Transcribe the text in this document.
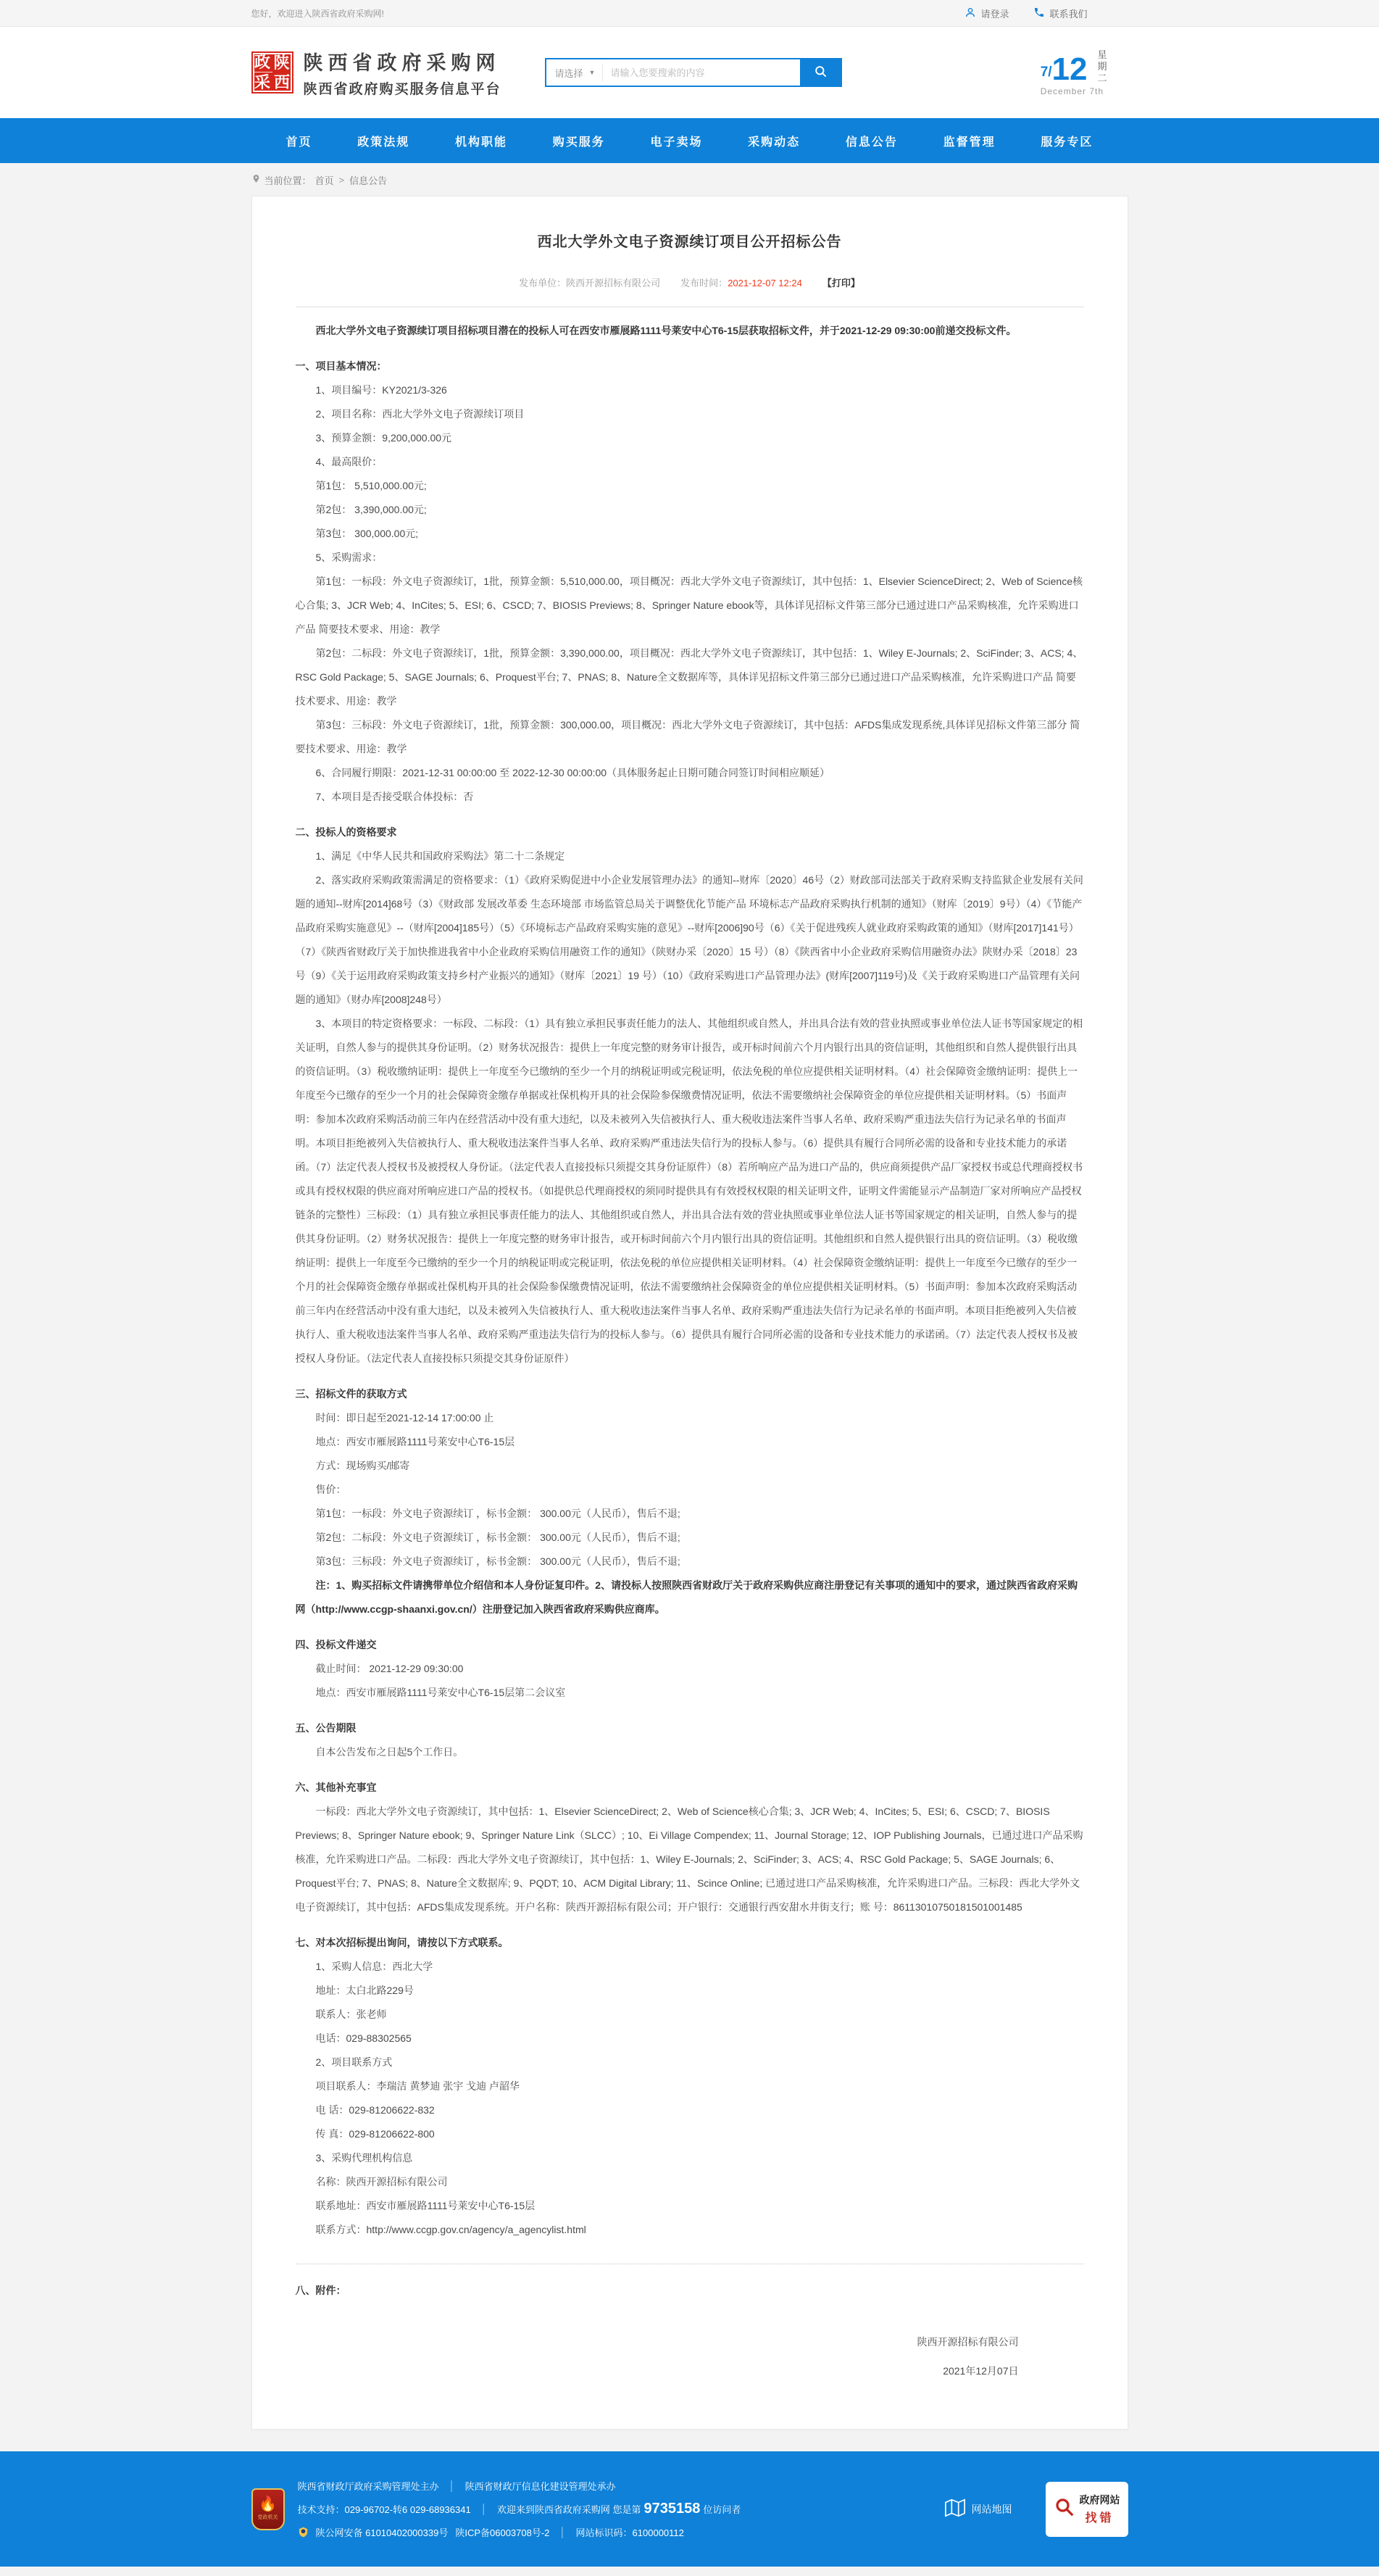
您好，欢迎进入陕西省政府采购网!	请登录	联系我们
政 陕
采 西
陕西省政府采购网
陕西省政府购买服务信息平台
请选择 ▼
请输入您要搜索的内容	7/ 12 星期二
December 7th
首页	政策法规	机构职能	购买服务	电子卖场	采购动态	信息公告	监督管理	服务专区
当前位置： 首页 > 信息公告
西北大学外文电子资源续订项目公开招标公告
发布单位：陕西开源招标有限公司 发布时间：2021-12-07 12:24 【打印】

西北大学外文电子资源续订项目招标项目潜在的投标人可在西安市雁展路1111号莱安中心T6-15层获取招标文件，并于2021-12-29 09:30:00前递交投标文件。

一、项目基本情况：

1、项目编号：KY2021/3-326

2、项目名称：西北大学外文电子资源续订项目

3、预算金额：9,200,000.00元

4、最高限价：

第1包： 5,510,000.00元;

第2包： 3,390,000.00元;

第3包： 300,000.00元;

5、采购需求：

第1包：一标段：外文电子资源续订，1批，预算金额：5,510,000.00，项目概况：西北大学外文电子资源续订，其中包括：1、Elsevier ScienceDirect; 2、Web of Science核心合集; 3、JCR Web; 4、InCites; 5、ESI; 6、CSCD; 7、BIOSIS Previews; 8、Springer Nature ebook等，具体详见招标文件第三部分已通过进口产品采购核准，允许采购进口产品 简要技术要求、用途：教学

第2包：二标段：外文电子资源续订，1批，预算金额：3,390,000.00，项目概况：西北大学外文电子资源续订，其中包括：1、Wiley E-Journals; 2、SciFinder; 3、ACS; 4、RSC Gold Package; 5、SAGE Journals; 6、Proquest平台; 7、PNAS; 8、Nature全文数据库等，具体详见招标文件第三部分已通过进口产品采购核准，允许采购进口产品 简要技术要求、用途：教学

第3包：三标段：外文电子资源续订，1批，预算金额：300,000.00，项目概况：西北大学外文电子资源续订，其中包括：AFDS集成发现系统,具体详见招标文件第三部分 简要技术要求、用途：教学

6、合同履行期限：2021-12-31 00:00:00 至 2022-12-30 00:00:00（具体服务起止日期可随合同签订时间相应顺延）

7、本项目是否接受联合体投标：否

二、投标人的资格要求

1、满足《中华人民共和国政府采购法》第二十二条规定

2、落实政府采购政策需满足的资格要求：（1）《政府采购促进中小企业发展管理办法》的通知--财库〔2020〕46号（2）财政部司法部关于政府采购支持监狱企业发展有关问题的通知--财库[2014]68号（3）《财政部 发展改革委 生态环境部 市场监管总局关于调整优化节能产品 环境标志产品政府采购执行机制的通知》（财库〔2019〕9号）（4）《节能产品政府采购实施意见》--（财库[2004]185号）（5）《环境标志产品政府采购实施的意见》--财库[2006]90号（6）《关于促进残疾人就业政府采购政策的通知》（财库[2017]141号）（7）《陕西省财政厅关于加快推进我省中小企业政府采购信用融资工作的通知》（陕财办采〔2020〕15 号）（8）《陕西省中小企业政府采购信用融资办法》陕财办采〔2018〕23号（9）《关于运用政府采购政策支持乡村产业振兴的通知》（财库〔2021〕19 号）（10）《政府采购进口产品管理办法》(财库[2007]119号)及《关于政府采购进口产品管理有关问题的通知》（财办库[2008]248号）

3、本项目的特定资格要求：一标段、二标段：（1）具有独立承担民事责任能力的法人、其他组织或自然人，并出具合法有效的营业执照或事业单位法人证书等国家规定的相关证明，自然人参与的提供其身份证明。（2）财务状况报告：提供上一年度完整的财务审计报告，或开标时间前六个月内银行出具的资信证明，其他组织和自然人提供银行出具的资信证明。（3）税收缴纳证明：提供上一年度至今已缴纳的至少一个月的纳税证明或完税证明，依法免税的单位应提供相关证明材料。（4）社会保障资金缴纳证明：提供上一年度至今已缴存的至少一个月的社会保障资金缴存单据或社保机构开具的社会保险参保缴费情况证明，依法不需要缴纳社会保障资金的单位应提供相关证明材料。（5）书面声明：参加本次政府采购活动前三年内在经营活动中没有重大违纪，以及未被列入失信被执行人、重大税收违法案件当事人名单、政府采购严重违法失信行为记录名单的书面声明。本项目拒绝被列入失信被执行人、重大税收违法案件当事人名单、政府采购严重违法失信行为的投标人参与。（6）提供具有履行合同所必需的设备和专业技术能力的承诺函。（7）法定代表人授权书及被授权人身份证。（法定代表人直接投标只须提交其身份证原件）（8）若所响应产品为进口产品的，供应商须提供产品厂家授权书或总代理商授权书或具有授权权限的供应商对所响应进口产品的授权书。（如提供总代理商授权的须同时提供具有有效授权权限的相关证明文件，证明文件需能显示产品制造厂家对所响应产品授权链条的完整性）三标段：（1）具有独立承担民事责任能力的法人、其他组织或自然人，并出具合法有效的营业执照或事业单位法人证书等国家规定的相关证明，自然人参与的提供其身份证明。（2）财务状况报告：提供上一年度完整的财务审计报告，或开标时间前六个月内银行出具的资信证明。其他组织和自然人提供银行出具的资信证明。（3）税收缴纳证明：提供上一年度至今已缴纳的至少一个月的纳税证明或完税证明，依法免税的单位应提供相关证明材料。（4）社会保障资金缴纳证明：提供上一年度至今已缴存的至少一个月的社会保障资金缴存单据或社保机构开具的社会保险参保缴费情况证明，依法不需要缴纳社会保障资金的单位应提供相关证明材料。（5）书面声明：参加本次政府采购活动前三年内在经营活动中没有重大违纪，以及未被列入失信被执行人、重大税收违法案件当事人名单、政府采购严重违法失信行为记录名单的书面声明。本项目拒绝被列入失信被执行人、重大税收违法案件当事人名单、政府采购严重违法失信行为的投标人参与。（6）提供具有履行合同所必需的设备和专业技术能力的承诺函。（7）法定代表人授权书及被授权人身份证。（法定代表人直接投标只须提交其身份证原件）

三、招标文件的获取方式

时间：即日起至2021-12-14 17:00:00 止

地点：西安市雁展路1111号莱安中心T6-15层

方式：现场购买/邮寄

售价：

第1包：一标段：外文电子资源续订 ，标书金额： 300.00元（人民币），售后不退;

第2包：二标段：外文电子资源续订 ，标书金额： 300.00元（人民币），售后不退;

第3包：三标段：外文电子资源续订 ，标书金额： 300.00元（人民币），售后不退;

注：1、购买招标文件请携带单位介绍信和本人身份证复印件。2、请投标人按照陕西省财政厅关于政府采购供应商注册登记有关事项的通知中的要求，通过陕西省政府采购网（http://www.ccgp-shaanxi.gov.cn/）注册登记加入陕西省政府采购供应商库。

四、投标文件递交

截止时间： 2021-12-29 09:30:00

地点：西安市雁展路1111号莱安中心T6-15层第二会议室

五、公告期限

自本公告发布之日起5个工作日。

六、其他补充事宜

一标段：西北大学外文电子资源续订，其中包括：1、Elsevier ScienceDirect; 2、Web of Science核心合集; 3、JCR Web; 4、InCites; 5、ESI; 6、CSCD; 7、BIOSIS Previews; 8、Springer Nature ebook; 9、Springer Nature Link（SLCC）; 10、Ei Village Compendex; 11、Journal Storage; 12、IOP Publishing Journals，已通过进口产品采购核准，允许采购进口产品。二标段：西北大学外文电子资源续订，其中包括：1、Wiley E-Journals; 2、SciFinder; 3、ACS; 4、RSC Gold Package; 5、SAGE Journals; 6、Proquest平台; 7、PNAS; 8、Nature全文数据库; 9、PQDT; 10、ACM Digital Library; 11、Scince Online; 已通过进口产品采购核准，允许采购进口产品。三标段：西北大学外文电子资源续订，其中包括：AFDS集成发现系统。开户名称：陕西开源招标有限公司；开户银行：交通银行西安甜水井街支行；账 号：86113010750181501001485

七、对本次招标提出询问，请按以下方式联系。

1、采购人信息：西北大学

地址：太白北路229号

联系人：张老师

电话：029-88302565

2、项目联系方式

项目联系人：李瑞洁 黄梦迪 张宇 戈迪 卢韶华

电 话：029-81206622-832

传 真：029-81206622-800

3、采购代理机构信息

名称：陕西开源招标有限公司

联系地址：西安市雁展路1111号莱安中心T6-15层

联系方式：http://www.ccgp.gov.cn/agency/a_agencylist.html

八、附件：

陕西开源招标有限公司

2021年12月07日

🔥
党政机关
陕西省财政厅政府采购管理处主办	│	陕西省财政厅信息化建设管理处承办
技术支持：029-96702-转6 029-68936341	│	欢迎来到陕西省政府采购网 您是第 9735158 位访问者
陕公网安备 61010402000339号 陕ICP备06003708号-2	│	网站标识码：6100000112
网站地图
政府网站
找错
